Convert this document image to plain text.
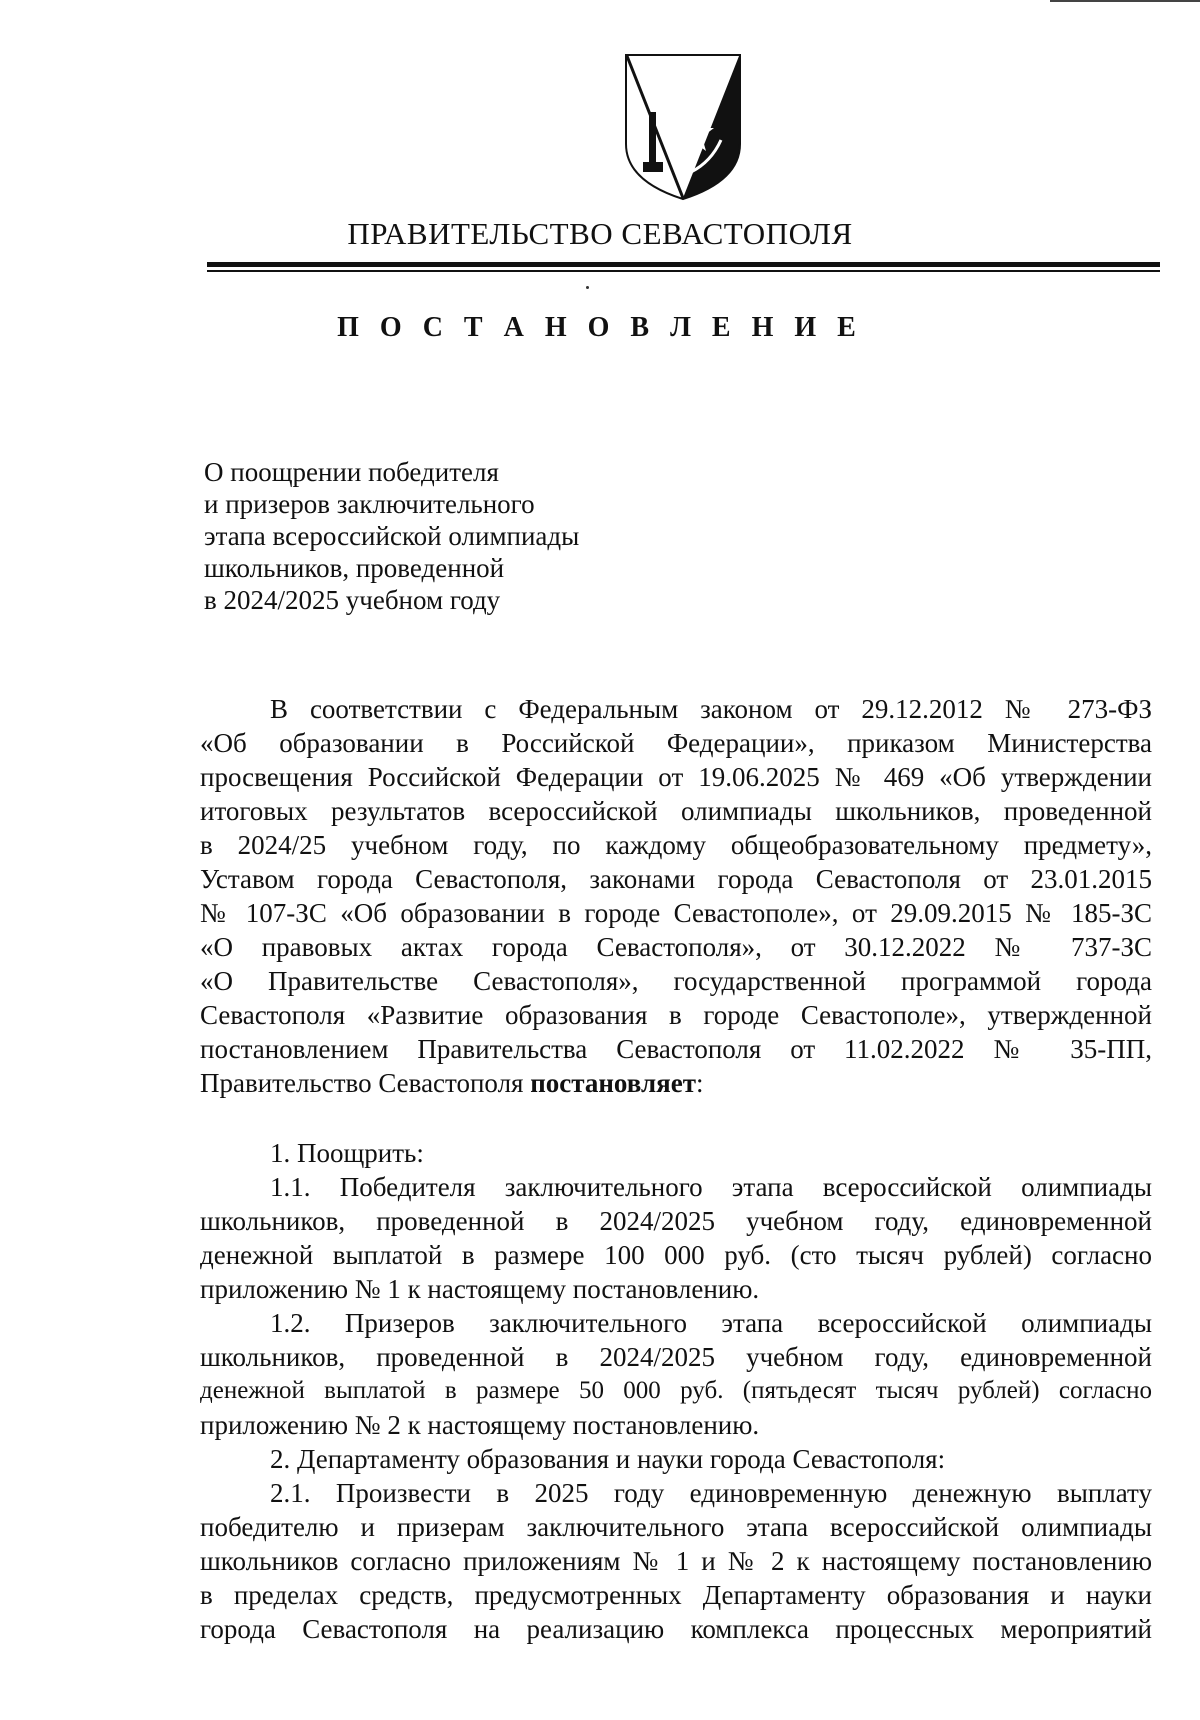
ПРАВИТЕЛЬСТВО СЕВАСТОПОЛЯ
П О С Т А Н О В Л Е Н И Е
О поощрении победителя
и призеров заключительного
этапа всероссийской олимпиады
школьников, проведенной
в 2024/2025 учебном году
В соответствии с Федеральным законом от 29.12.2012 № 273-ФЗ
«Об образовании в Российской Федерации», приказом Министерства
просвещения Российской Федерации от 19.06.2025 № 469 «Об утверждении
итоговых результатов всероссийской олимпиады школьников, проведенной
в 2024/25 учебном году, по каждому общеобразовательному предмету»,
Уставом города Севастополя, законами города Севастополя от 23.01.2015
№ 107-ЗС «Об образовании в городе Севастополе», от 29.09.2015 № 185-ЗС
«О правовых актах города Севастополя», от 30.12.2022 № 737-ЗС
«О Правительстве Севастополя», государственной программой города
Севастополя «Развитие образования в городе Севастополе», утвержденной
постановлением Правительства Севастополя от 11.02.2022 № 35-ПП,
Правительство Севастополя постановляет:
1. Поощрить:
1.1. Победителя заключительного этапа всероссийской олимпиады
школьников, проведенной в 2024/2025 учебном году, единовременной
денежной выплатой в размере 100 000 руб. (сто тысяч рублей) согласно
приложению № 1 к настоящему постановлению.
1.2. Призеров заключительного этапа всероссийской олимпиады
школьников, проведенной в 2024/2025 учебном году, единовременной
денежной выплатой в размере 50 000 руб. (пятьдесят тысяч рублей) согласно
приложению № 2 к настоящему постановлению.
2. Департаменту образования и науки города Севастополя:
2.1. Произвести в 2025 году единовременную денежную выплату
победителю и призерам заключительного этапа всероссийской олимпиады
школьников согласно приложениям № 1 и № 2 к настоящему постановлению
в пределах средств, предусмотренных Департаменту образования и науки
города Севастополя на реализацию комплекса процессных мероприятий
